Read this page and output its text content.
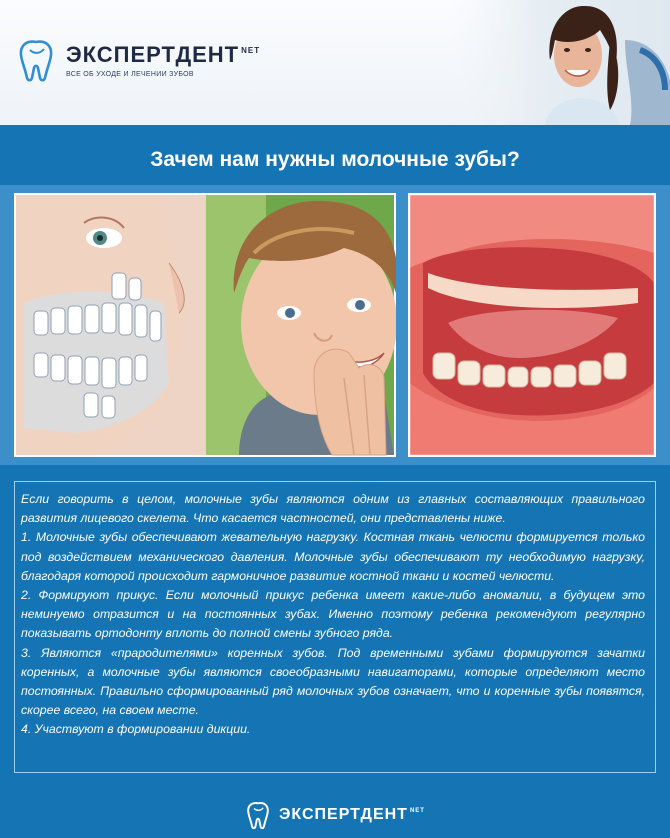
ЭКСПЕРТДЕНТ $^{NET}$
ВСЕ ОБ УХОДЕ И ЛЕЧЕНИИ ЗУБОВ
Зачем нам нужны молочные зубы?

Если говорить в целом, молочные зубы являются одним из главных составляющих правильного развития лицевого скелета. Что касается частностей, они представлены ниже.

1. Молочные зубы обеспечивают жевательную нагрузку. Костная ткань челюсти формируется только под воздействием механического давления. Молочные зубы обеспечивают ту необходимую нагрузку, благодаря которой происходит гармоничное развитие костной ткани и костей челюсти.

2. Формируют прикус. Если молочный прикус ребенка имеет какие-либо аномалии, в будущем это неминуемо отразится и на постоянных зубах. Именно поэтому ребенка рекомендуют регулярно показывать ортодонту вплоть до полной смены зубного ряда.

3. Являются «прародителями» коренных зубов. Под временными зубами формируются зачатки коренных, а молочные зубы являются своеобразными навигаторами, которые определяют место постоянных. Правильно сформированный ряд молочных зубов означает, что и коренные зубы появятся, скорее всего, на своем месте.

4. Участвуют в формировании дикции.

ЭКСПЕРТДЕНТ $^{NET}$
